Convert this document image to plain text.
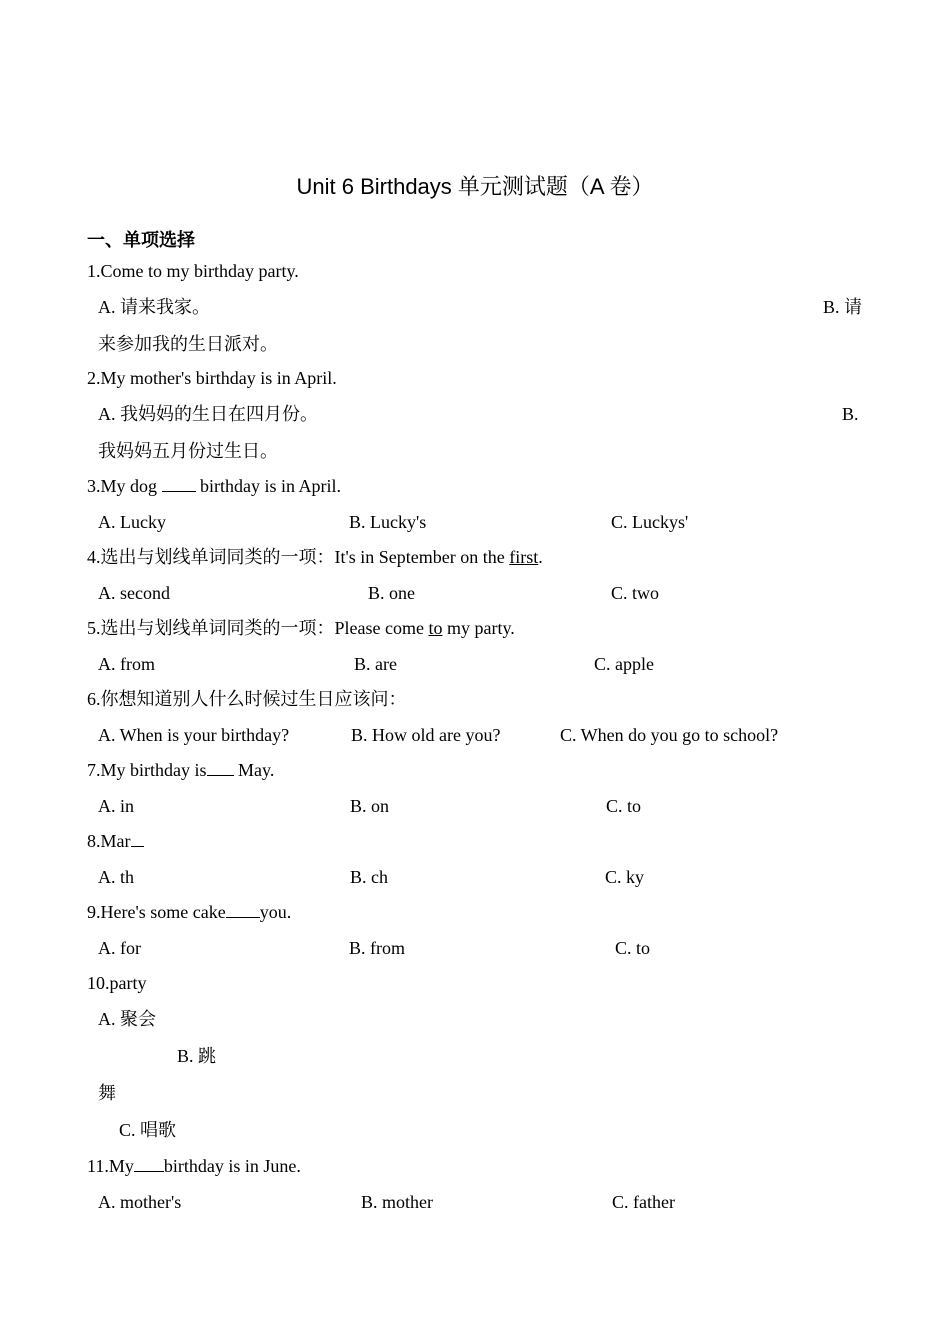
Unit 6 Birthdays 单元测试题（A 卷）
一、单项选择
1.Come to my birthday party.
A. 请来我家。	B. 请
来参加我的生日派对。
2.My mother's birthday is in April.
A. 我妈妈的生日在四月份。	B.
我妈妈五月份过生日。
3.My dog  birthday is in April.
A. Lucky	B. Lucky's	C. Luckys'
4.选出与划线单词同类的一项：It's in September on the first.
A. second	B. one	C. two
5.选出与划线单词同类的一项：Please come to my party.
A. from	B. are	C. apple
6.你想知道别人什么时候过生日应该问：
A. When is your birthday?	B. How old are you?	C. When do you go to school?
7.My birthday is May.
A. in	B. on	C. to
8.Mar
A. th	B. ch	C. ky
9.Here's some cake you.
A. for	B. from	C. to
10.party
A. 聚会
B. 跳
舞
C. 唱歌
11.My birthday is in June.
A. mother's	B. mother	C. father
